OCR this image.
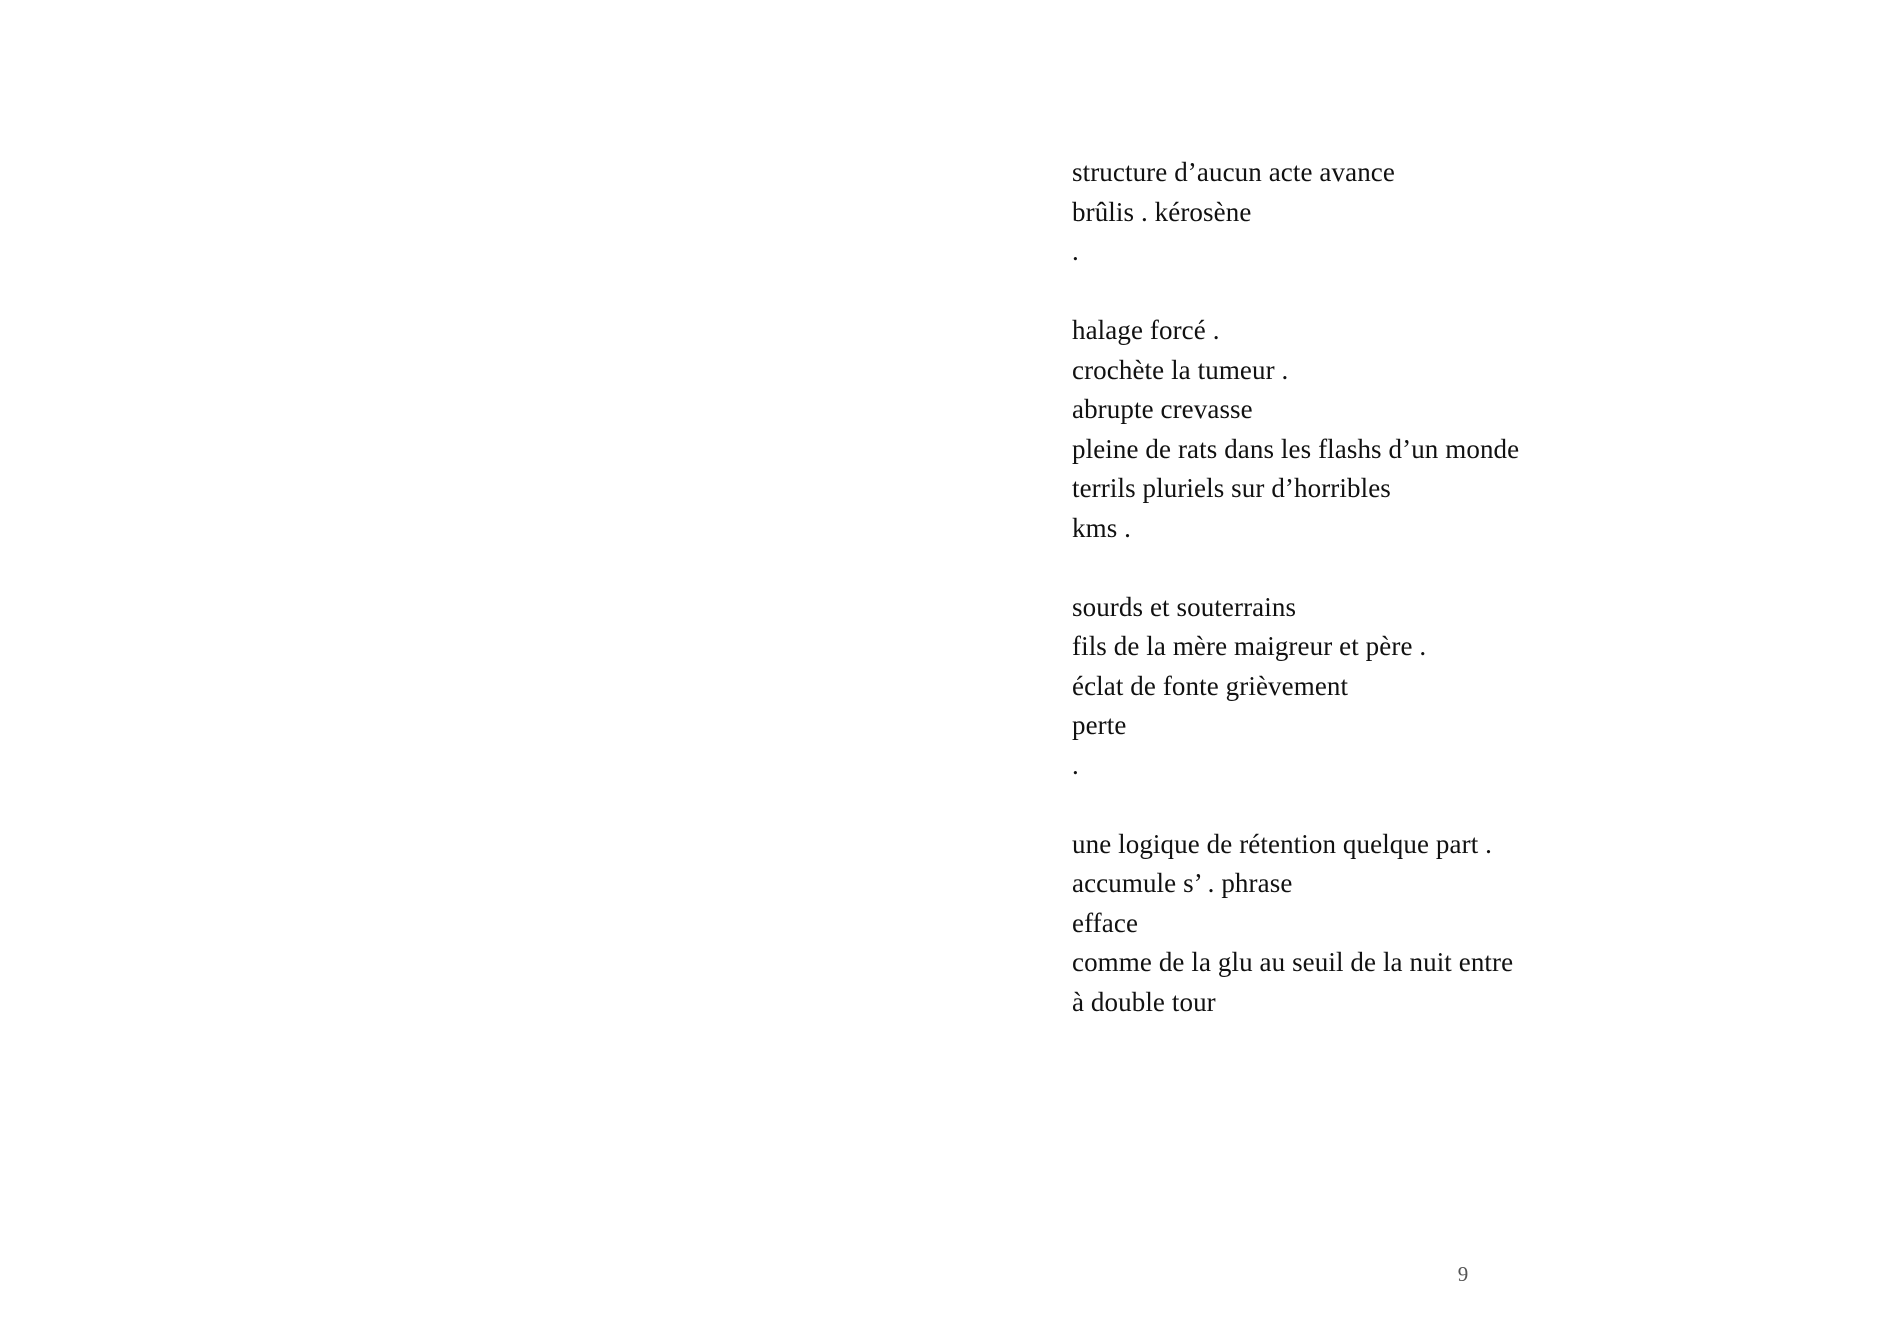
structure d’aucun acte avance
brûlis . kérosène
.
halage forcé .
crochète la tumeur .
abrupte crevasse
pleine de rats dans les flashs d’un monde
terrils pluriels sur d’horribles
kms .
sourds et souterrains
fils de la mère maigreur et père .
éclat de fonte grièvement
perte
.
une logique de rétention quelque part .
accumule s’ . phrase
efface
comme de la glu au seuil de la nuit entre
à double tour
9
